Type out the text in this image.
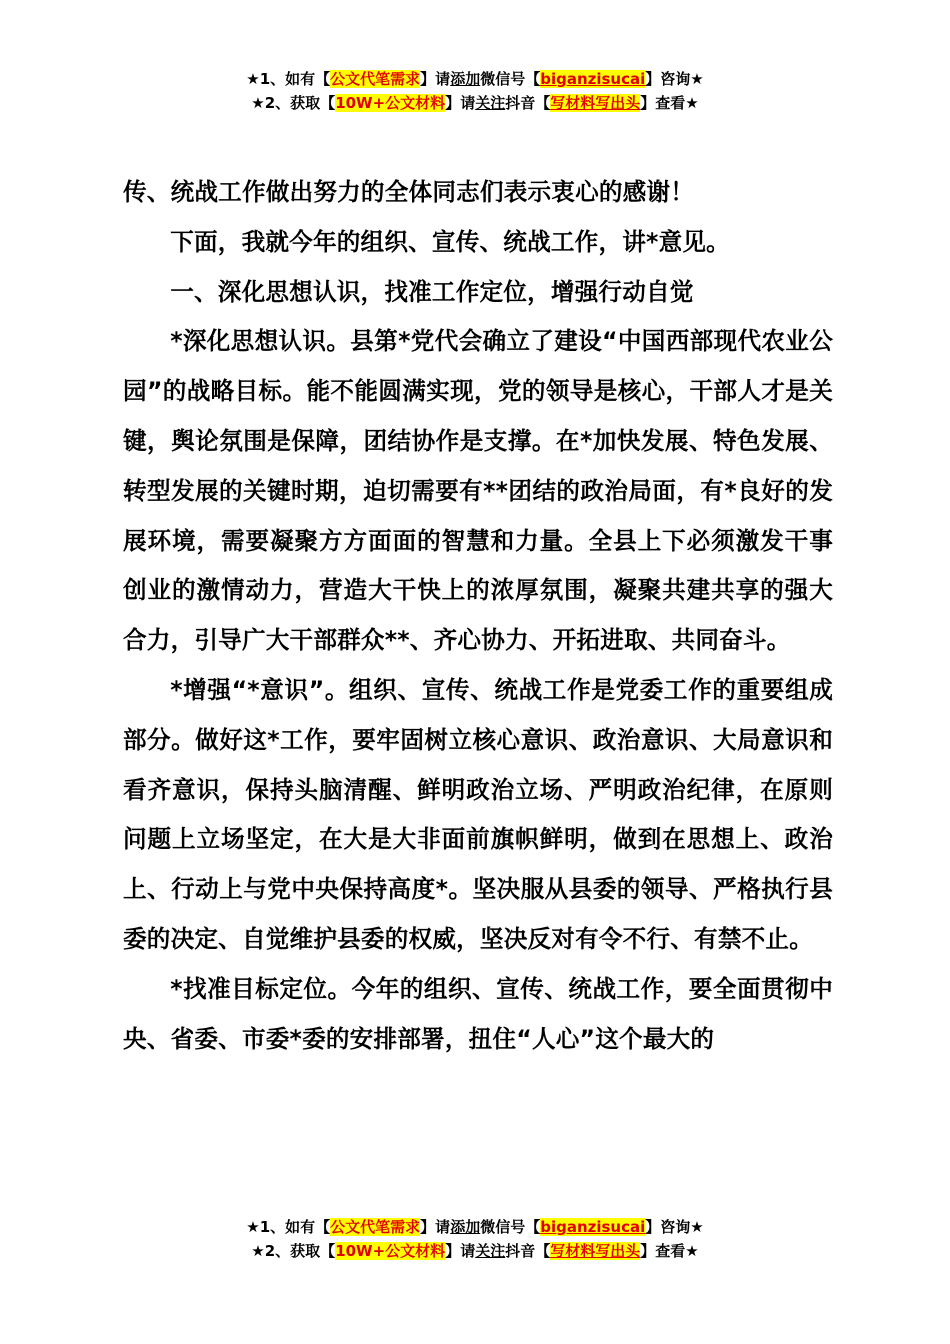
★1、如有【公文代笔需求】请添加微信号【biganzisucai】咨询★
★2、获取【10W+公文材料】请关注抖音【写材料写出头】查看★

传、统战工作做出努力的全体同志们表示衷心的感谢！

下面，我就今年的组织、宣传、统战工作，讲*意见。

一、深化思想认识，找准工作定位，增强行动自觉

*深化思想认识。县第*党代会确立了建设“中国西部现代农业公园”的战略目标。能不能圆满实现，党的领导是核心，干部人才是关键，舆论氛围是保障，团结协作是支撑。在*加快发展、特色发展、转型发展的关键时期，迫切需要有**团结的政治局面，有*良好的发展环境，需要凝聚方方面面的智慧和力量。全县上下必须激发干事创业的激情动力，营造大干快上的浓厚氛围，凝聚共建共享的强大合力，引导广大干部群众**、齐心协力、开拓进取、共同奋斗。

*增强“*意识”。组织、宣传、统战工作是党委工作的重要组成部分。做好这*工作，要牢固树立核心意识、政治意识、大局意识和看齐意识，保持头脑清醒、鲜明政治立场、严明政治纪律，在原则问题上立场坚定，在大是大非面前旗帜鲜明，做到在思想上、政治上、行动上与党中央保持高度*。坚决服从县委的领导、严格执行县委的决定、自觉维护县委的权威，坚决反对有令不行、有禁不止。

*找准目标定位。今年的组织、宣传、统战工作，要全面贯彻中央、省委、市委*委的安排部署，扭住“人心”这个最大的

★1、如有【公文代笔需求】请添加微信号【biganzisucai】咨询★
★2、获取【10W+公文材料】请关注抖音【写材料写出头】查看★
